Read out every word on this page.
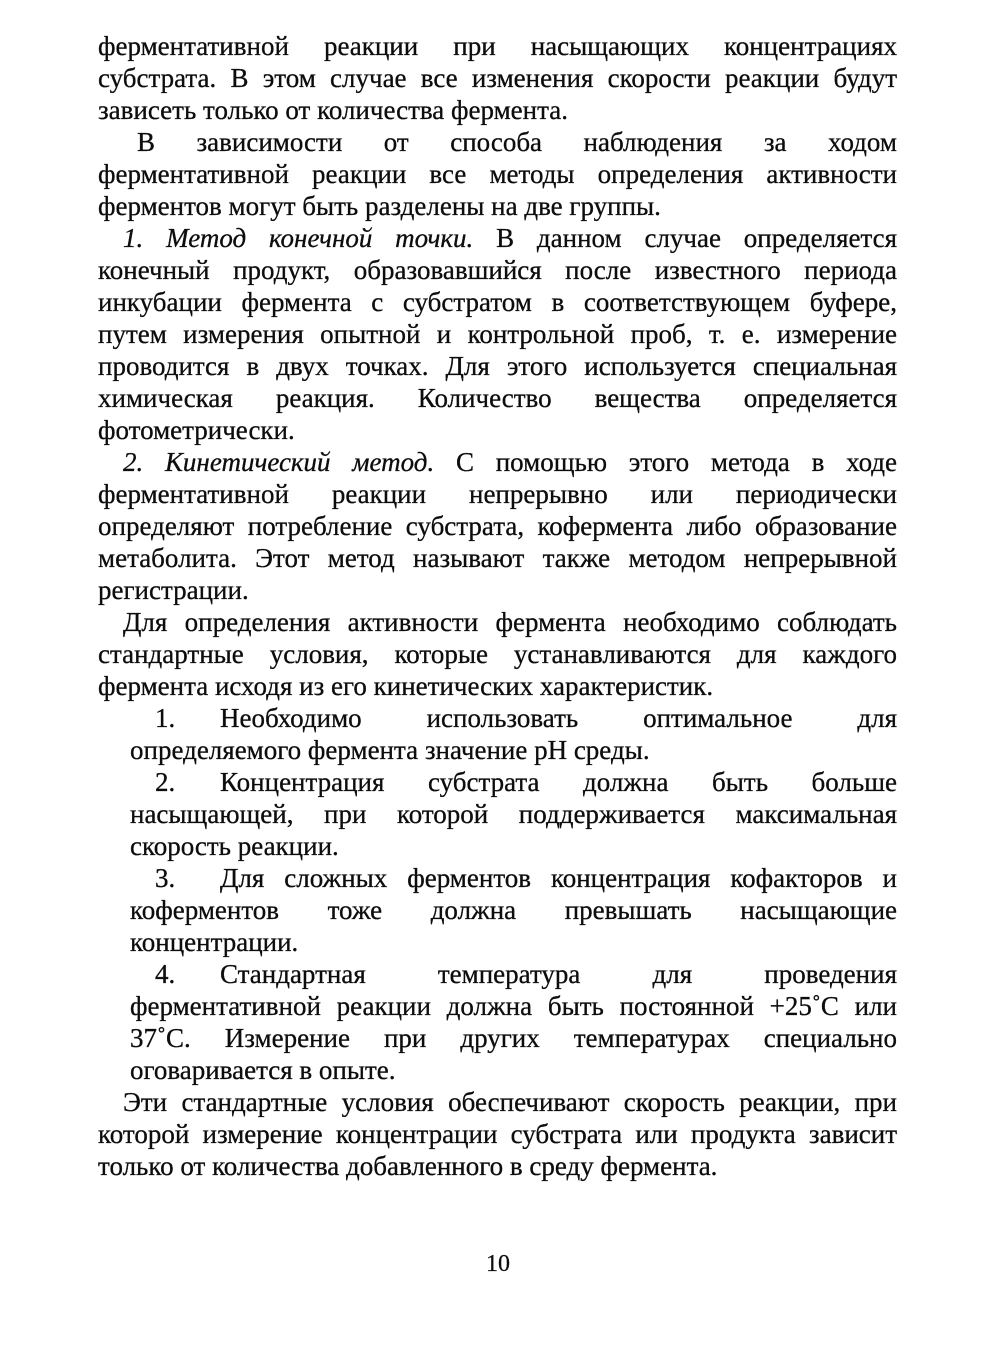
ферментативной реакции при насыщающих концентрациях
субстрата. В этом случае все изменения скорости реакции будут
зависеть только от количества фермента.
В зависимости от способа наблюдения за ходом
ферментативной реакции все методы определения активности
ферментов могут быть разделены на две группы.
1. Метод конечной точки. В данном случае определяется
конечный продукт, образовавшийся после известного периода
инкубации фермента с субстратом в соответствующем буфере,
путем измерения опытной и контрольной проб, т. е. измерение
проводится в двух точках. Для этого используется специальная
химическая реакция. Количество вещества определяется
фотометрически.
2. Кинетический метод. С помощью этого метода в ходе
ферментативной реакции непрерывно или периодически
определяют потребление субстрата, кофермента либо образование
метаболита. Этот метод называют также методом непрерывной
регистрации.
Для определения активности фермента необходимо соблюдать
стандартные условия, которые устанавливаются для каждого
фермента исходя из его кинетических характеристик.
1. Необходимо использовать оптимальное для
определяемого фермента значение pH среды.
2. Концентрация субстрата должна быть больше
насыщающей, при которой поддерживается максимальная
скорость реакции.
3. Для сложных ферментов концентрация кофакторов и
коферментов тоже должна превышать насыщающие
концентрации.
4. Стандартная температура для проведения
ферментативной реакции должна быть постоянной +25˚С или
37˚С. Измерение при других температурах специально
оговаривается в опыте.
Эти стандартные условия обеспечивают скорость реакции, при
которой измерение концентрации субстрата или продукта зависит
только от количества добавленного в среду фермента.
10
